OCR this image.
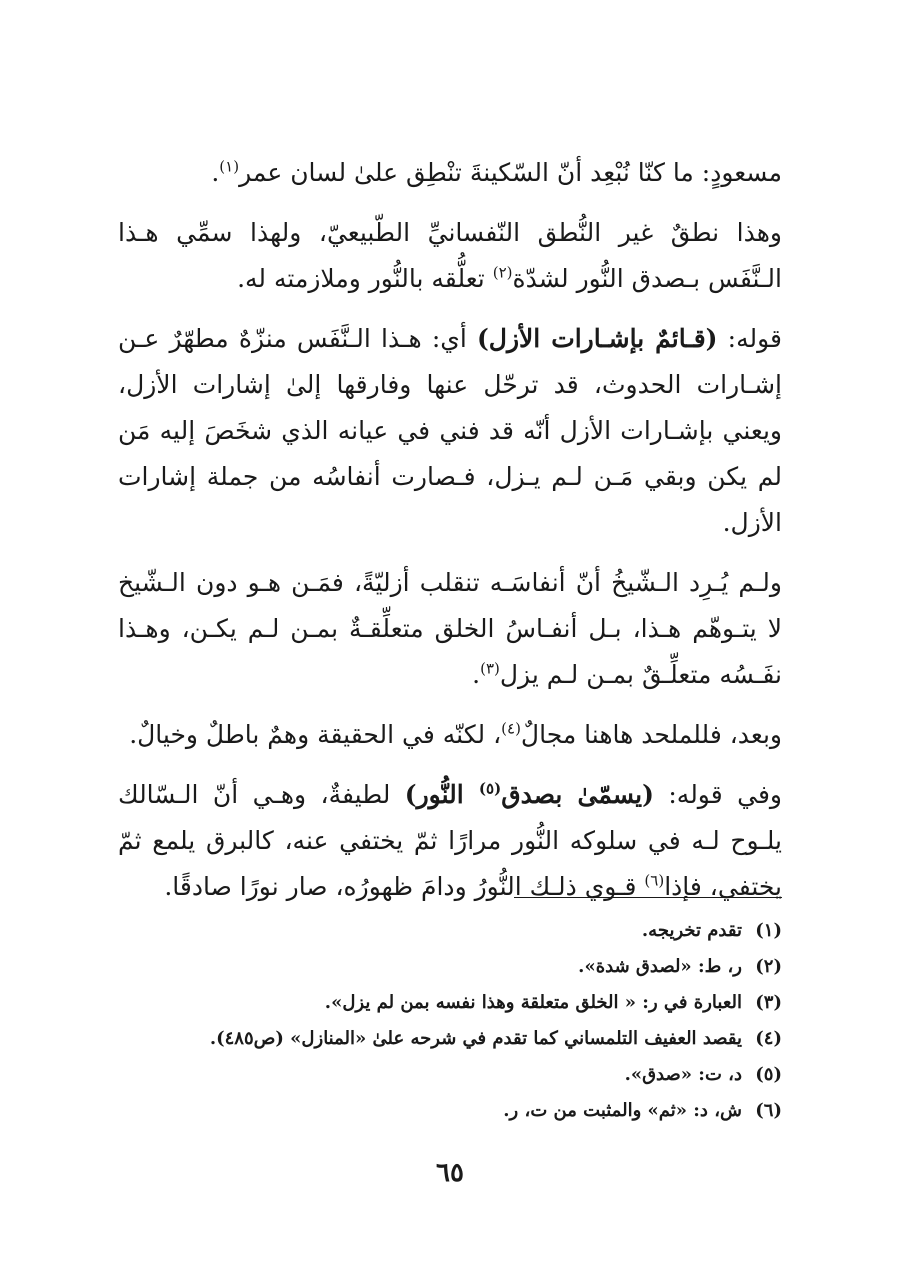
مسعودٍ: ما كنّا نُبْعِد أنّ السّكينةَ تنْطِق علىٰ لسان عمر$^{(١)}$.

وهذا نطقٌ غير النُّطق النّفسانيِّ الطّبيعيّ، ولهذا سمِّي هـذا الـنَّفَس بـصدق النُّور لشدّة$^{(٢)}$ تعلُّقه بالنُّور وملازمته له.

قوله: (قـائمٌ بإشـارات الأزل) أي: هـذا الـنَّفَس منزّهٌ مطهّرٌ عـن إشـارات الحدوث، قد ترحّل عنها وفارقها إلىٰ إشارات الأزل، ويعني بإشـارات الأزل أنّه قد فني في عيانه الذي شخَصَ إليه مَن لم يكن وبقي مَـن لـم يـزل، فـصارت أنفاسُه من جملة إشارات الأزل.

ولـم يُـرِد الـشّيخُ أنّ أنفاسَـه تنقلب أزليّةً، فمَـن هـو دون الـشّيخ لا يتـوهّم هـذا، بـل أنفـاسُ الخلق متعلِّقـةٌ بمـن لـم يكـن، وهـذا نفَـسُه متعلِّـقٌ بمـن لـم يزل$^{(٣)}$.

وبعد، فللملحد هاهنا مجالٌ$^{(٤)}$، لكنّه في الحقيقة وهمٌ باطلٌ وخيالٌ.

وفي قوله: (يسمّىٰ بصدق$^{(٥)}$ النُّور) لطيفةٌ، وهـي أنّ الـسّالك يلـوح لـه في سلوكه النُّور مرارًا ثمّ يختفي عنه، كالبرق يلمع ثمّ يختفي، فإذا$^{(٦)}$ قـوي ذلـك النُّورُ ودامَ ظهورُه، صار نورًا صادقًا.

(١)تقدم تخريجه.
(٢)ر، ط: «لصدق شدة».
(٣)العبارة في ر: « الخلق متعلقة وهذا نفسه بمن لم يزل».
(٤)يقصد العفيف التلمساني كما تقدم في شرحه علىٰ «المنازل» (ص٤٨٥).
(٥)د، ت: «صدق».
(٦)ش، د: «ثم» والمثبت من ت، ر.
٦٥
